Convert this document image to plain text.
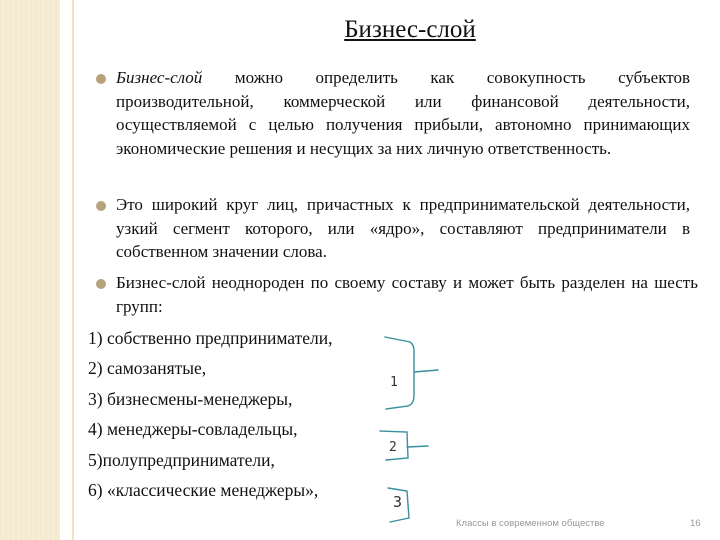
Бизнес-слой
Бизнес-слой можно определить как совокупность субъектов производительной, коммерческой или финансовой деятельности, осуществляемой с целью получения прибыли, автономно принимающих экономические решения и несущих за них личную ответственность.
Это широкий круг лиц, причастных к предпринимательской деятельности, узкий сегмент которого, или «ядро», составляют предприниматели в собственном значении слова.
Бизнес-слой неоднороден по своему составу и может быть разделен на шесть групп:
1) собственно предприниматели,
2) самозанятые,
3) бизнесмены-менеджеры,
4) менеджеры-совладельцы,
5)полупредприниматели,
6) «классические менеджеры»,
1
2
3
Классы в современном обществе	16
